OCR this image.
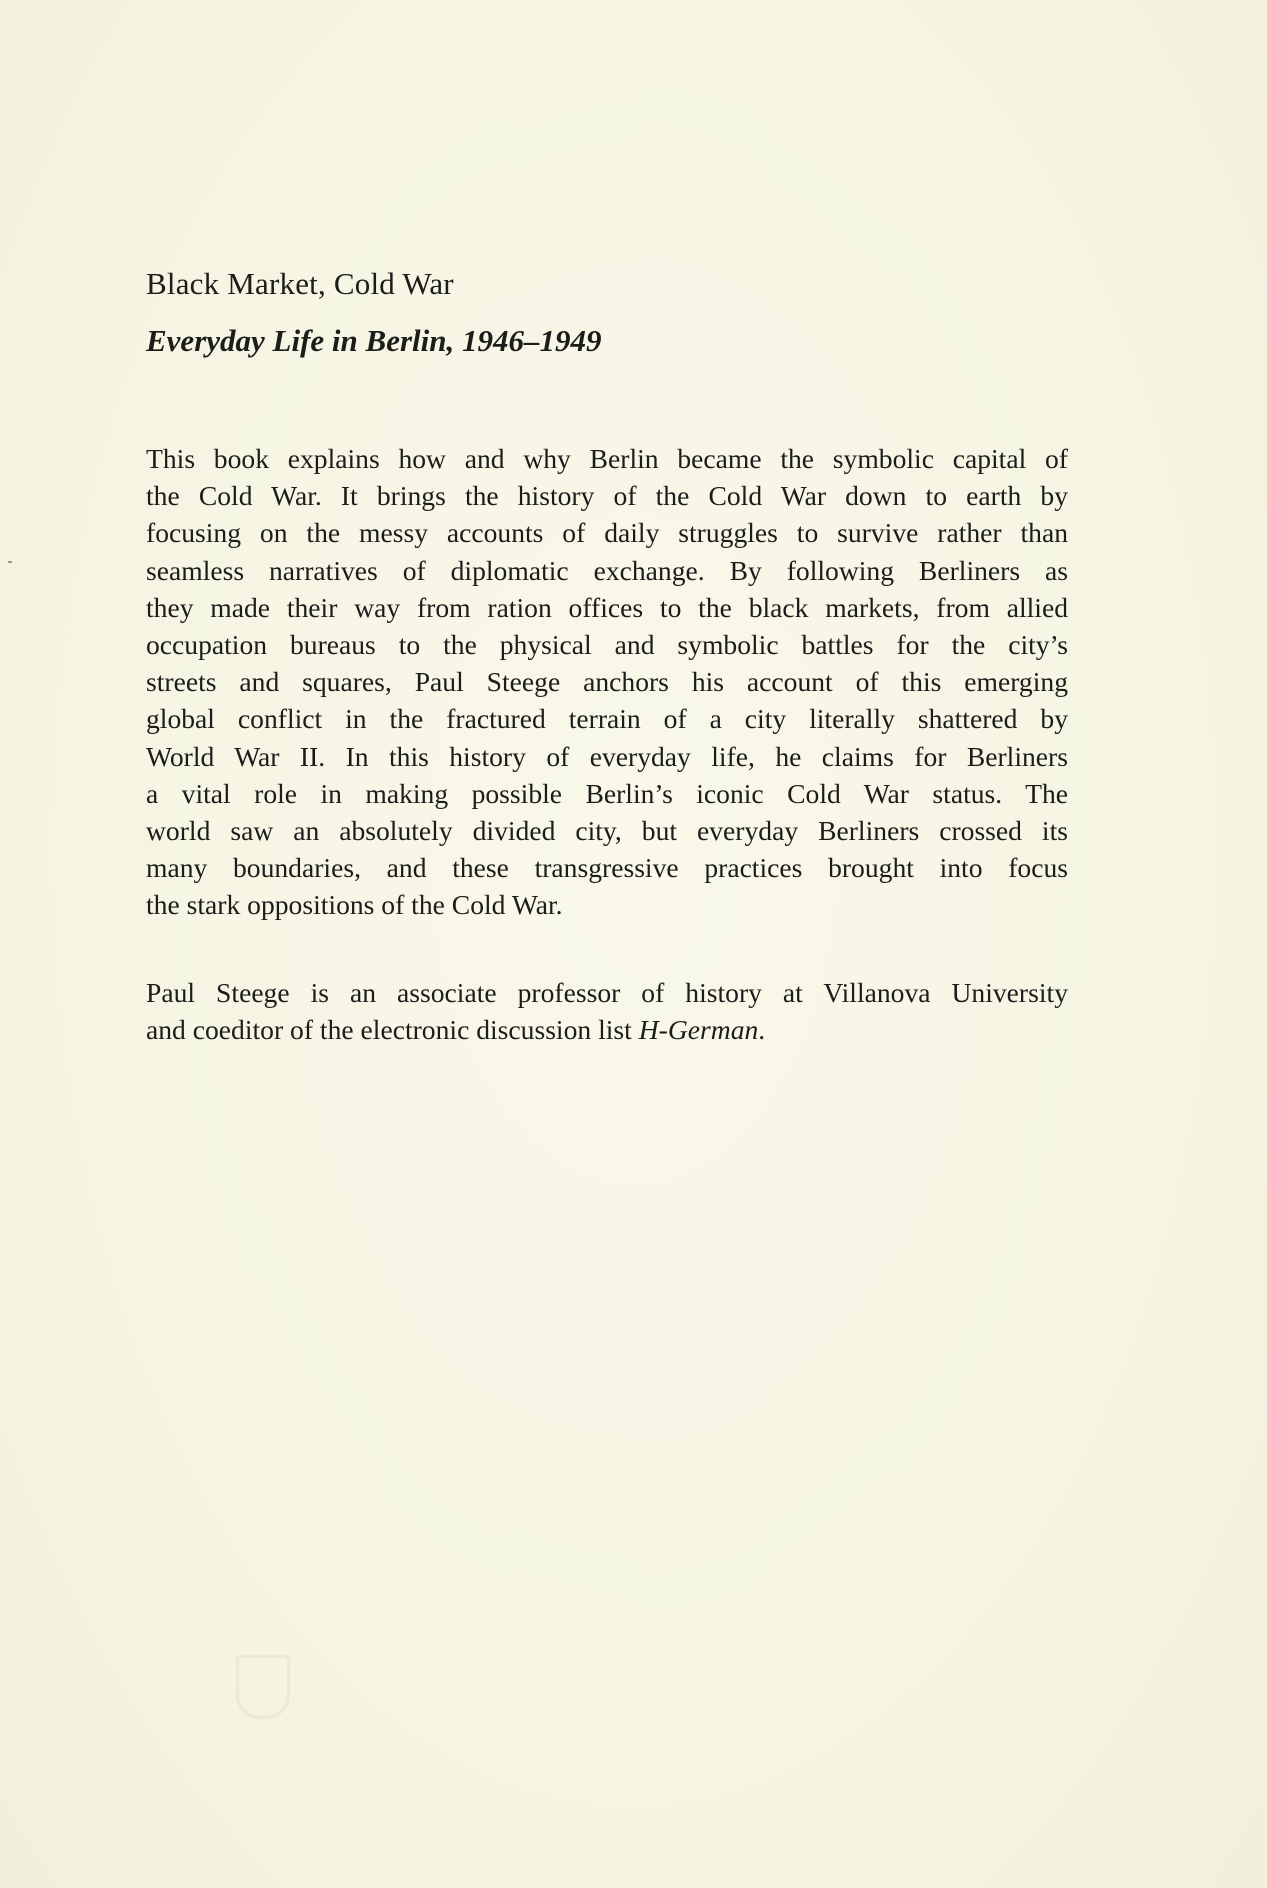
Black Market, Cold War
Everyday Life in Berlin, 1946–1949

This book explains how and why Berlin became the symbolic capital of
the Cold War. It brings the history of the Cold War down to earth by
focusing on the messy accounts of daily struggles to survive rather than
seamless narratives of diplomatic exchange. By following Berliners as
they made their way from ration offices to the black markets, from allied
occupation bureaus to the physical and symbolic battles for the city’s
streets and squares, Paul Steege anchors his account of this emerging
global conflict in the fractured terrain of a city literally shattered by
World War II. In this history of everyday life, he claims for Berliners
a vital role in making possible Berlin’s iconic Cold War status. The
world saw an absolutely divided city, but everyday Berliners crossed its
many boundaries, and these transgressive practices brought into focus
the stark oppositions of the Cold War.

Paul Steege is an associate professor of history at Villanova University
and coeditor of the electronic discussion list H-German.
